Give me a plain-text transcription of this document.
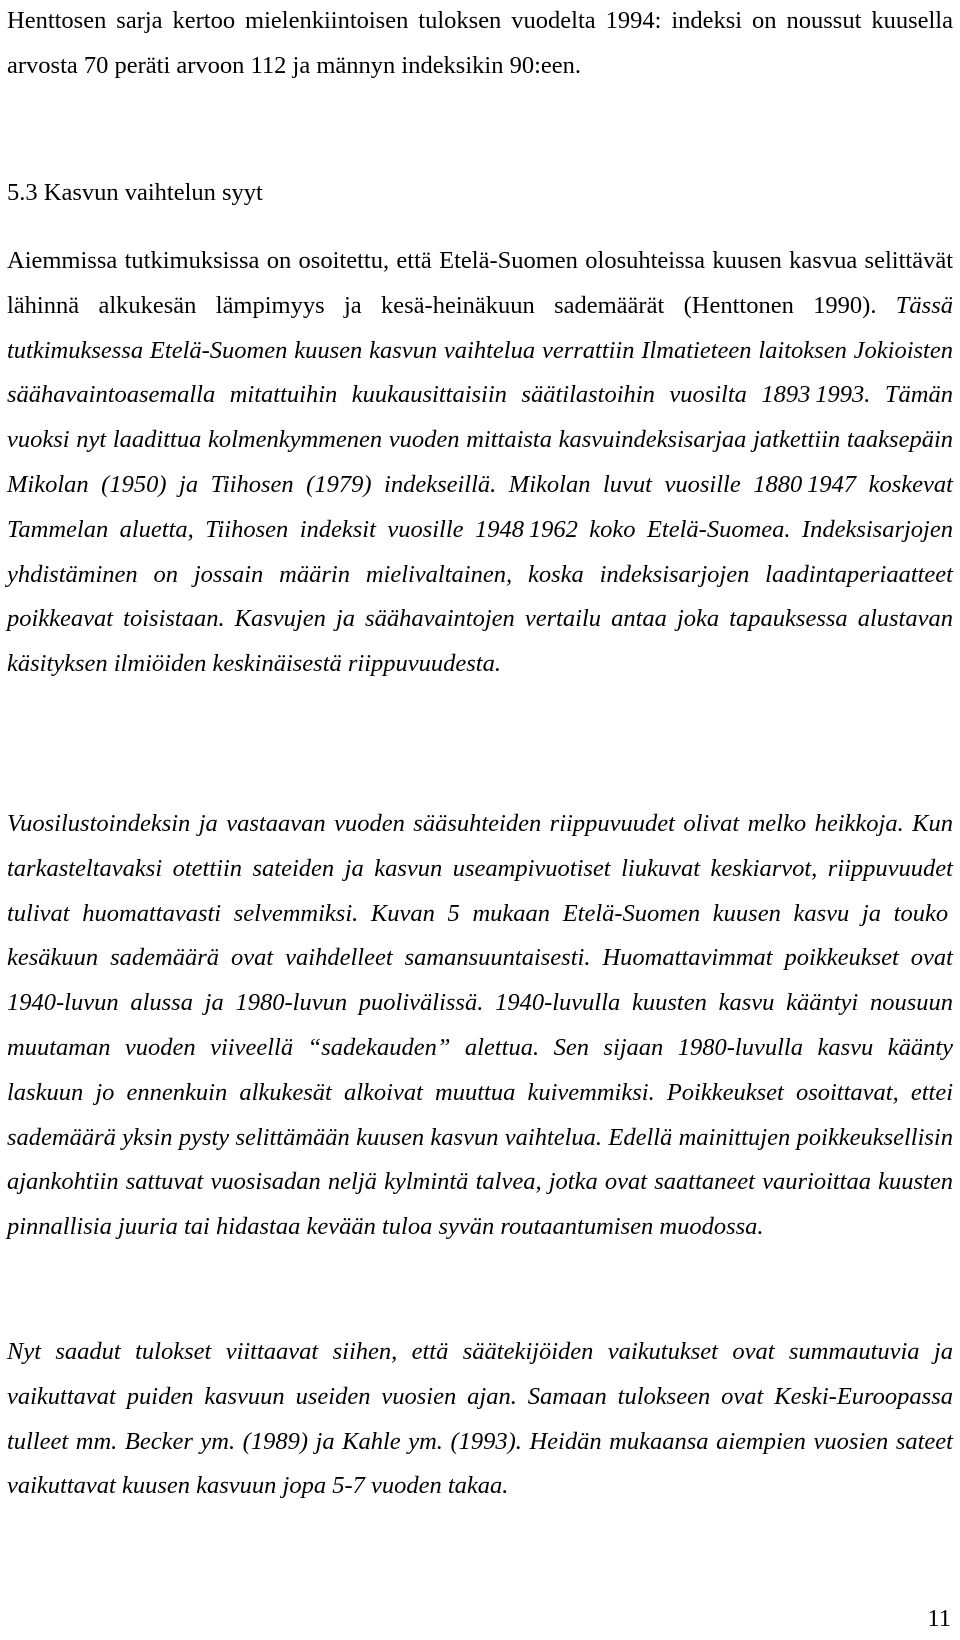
Henttosen sarja kertoo mielenkiintoisen tuloksen vuodelta 1994: indeksi on noussut kuusella arvosta 70 peräti arvoon 112 ja männyn indeksikin 90:een.

5.3 Kasvun vaihtelun syyt

Aiemmissa tutkimuksissa on osoitettu, että Etelä-Suomen olosuhteissa kuusen kasvua selittävät lähinnä alkukesän lämpimyys ja kesä-heinäkuun sademäärät (Henttonen 1990). Tässä tutkimuksessa Etelä-Suomen kuusen kasvun vaihtelua verrattiin Ilmatieteen laitoksen Jokioisten säähavaintoasemalla mitattuihin kuukausittaisiin säätilastoihin vuosilta 1893 1993. Tämän vuoksi nyt laadittua kolmenkymmenen vuoden mittaista kasvuindeksisarjaa jatkettiin taaksepäin Mikolan (1950) ja Tiihosen (1979) indekseillä. Mikolan luvut vuosille 1880 1947 koskevat Tammelan aluetta, Tiihosen indeksit vuosille 1948 1962 koko Etelä-Suomea. Indeksisarjojen yhdistäminen on jossain määrin mielivaltainen, koska indeksisarjojen laadintaperiaatteet poikkeavat toisistaan. Kasvujen ja säähavaintojen vertailu antaa joka tapauksessa alustavan käsityksen ilmiöiden keskinäisestä riippuvuudesta.

Vuosilustoindeksin ja vastaavan vuoden sääsuhteiden riippuvuudet olivat melko heikkoja. Kun tarkasteltavaksi otettiin sateiden ja kasvun useampivuotiset liukuvat keskiarvot, riippuvuudet tulivat huomattavasti selvemmiksi. Kuvan 5 mukaan Etelä-Suomen kuusen kasvu ja touko kesäkuun sademäärä ovat vaihdelleet samansuuntaisesti. Huomattavimmat poikkeukset ovat 1940-luvun alussa ja 1980-luvun puolivälissä. 1940-luvulla kuusten kasvu kääntyi nousuun muutaman vuoden viiveellä “sadekauden” alettua. Sen sijaan 1980-luvulla kasvu käänty laskuun jo ennenkuin alkukesät alkoivat muuttua kuivemmiksi. Poikkeukset osoittavat, ettei sademäärä yksin pysty selittämään kuusen kasvun vaihtelua. Edellä mainittujen poikkeuksellisin ajankohtiin sattuvat vuosisadan neljä kylmintä talvea, jotka ovat saattaneet vaurioittaa kuusten pinnallisia juuria tai hidastaa kevään tuloa syvän routaantumisen muodossa.

Nyt saadut tulokset viittaavat siihen, että säätekijöiden vaikutukset ovat summautuvia ja vaikuttavat puiden kasvuun useiden vuosien ajan. Samaan tulokseen ovat Keski-Euroopassa tulleet mm. Becker ym. (1989) ja Kahle ym. (1993). Heidän mukaansa aiempien vuosien sateet vaikuttavat kuusen kasvuun jopa 5-7 vuoden takaa.

11
